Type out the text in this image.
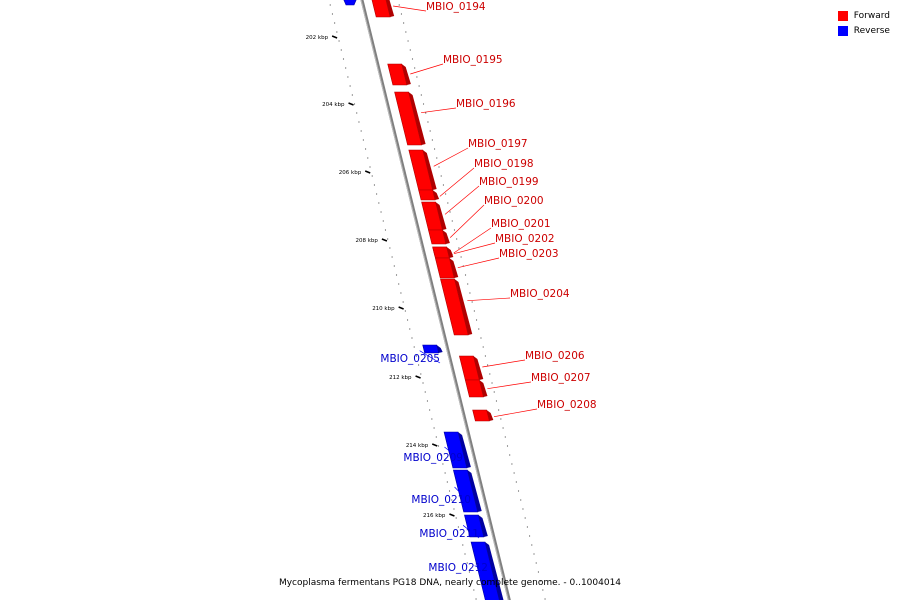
202 kbp
204 kbp
206 kbp
208 kbp
210 kbp
212 kbp
214 kbp
216 kbp
MBIO_0194
MBIO_0195
MBIO_0196
MBIO_0197
MBIO_0198
MBIO_0199
MBIO_0200
MBIO_0201
MBIO_0202
MBIO_0203
MBIO_0204
MBIO_0205	MBIO_0206
MBIO_0207
MBIO_0208
MBIO_0209
MBIO_0210
MBIO_0211
MBIO_0212
Forward
Reverse
Mycoplasma fermentans PG18 DNA, nearly complete genome. - 0..1004014
